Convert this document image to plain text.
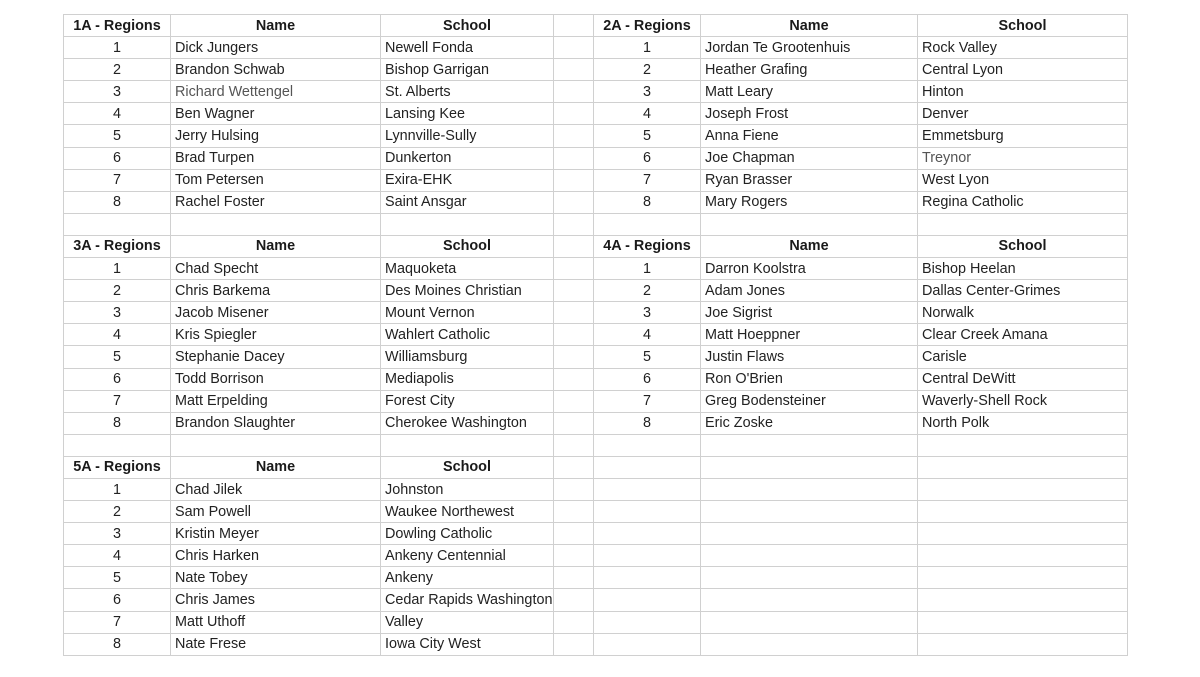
1A - Regions	Name	School		2A - Regions	Name	School
1	Dick Jungers	Newell Fonda		1	Jordan Te Grootenhuis	Rock Valley
2	Brandon Schwab	Bishop Garrigan		2	Heather Grafing	Central Lyon
3	Richard Wettengel	St. Alberts		3	Matt Leary	Hinton
4	Ben Wagner	Lansing Kee		4	Joseph Frost	Denver
5	Jerry Hulsing	Lynnville-Sully		5	Anna Fiene	Emmetsburg
6	Brad Turpen	Dunkerton		6	Joe Chapman	Treynor
7	Tom Petersen	Exira-EHK		7	Ryan Brasser	West Lyon
8	Rachel Foster	Saint Ansgar		8	Mary Rogers	Regina Catholic

3A - Regions	Name	School		4A - Regions	Name	School
1	Chad Specht	Maquoketa		1	Darron Koolstra	Bishop Heelan
2	Chris Barkema	Des Moines Christian		2	Adam Jones	Dallas Center-Grimes
3	Jacob Misener	Mount Vernon		3	Joe Sigrist	Norwalk
4	Kris Spiegler	Wahlert Catholic		4	Matt Hoeppner	Clear Creek Amana
5	Stephanie Dacey	Williamsburg		5	Justin Flaws	Carisle
6	Todd Borrison	Mediapolis		6	Ron O'Brien	Central DeWitt
7	Matt Erpelding	Forest City		7	Greg Bodensteiner	Waverly-Shell Rock
8	Brandon Slaughter	Cherokee Washington		8	Eric Zoske	North Polk

5A - Regions	Name	School				
1	Chad Jilek	Johnston				
2	Sam Powell	Waukee Northewest				
3	Kristin Meyer	Dowling Catholic				
4	Chris Harken	Ankeny Centennial				
5	Nate Tobey	Ankeny				
6	Chris James	Cedar Rapids Washington				
7	Matt Uthoff	Valley				
8	Nate Frese	Iowa City West				
